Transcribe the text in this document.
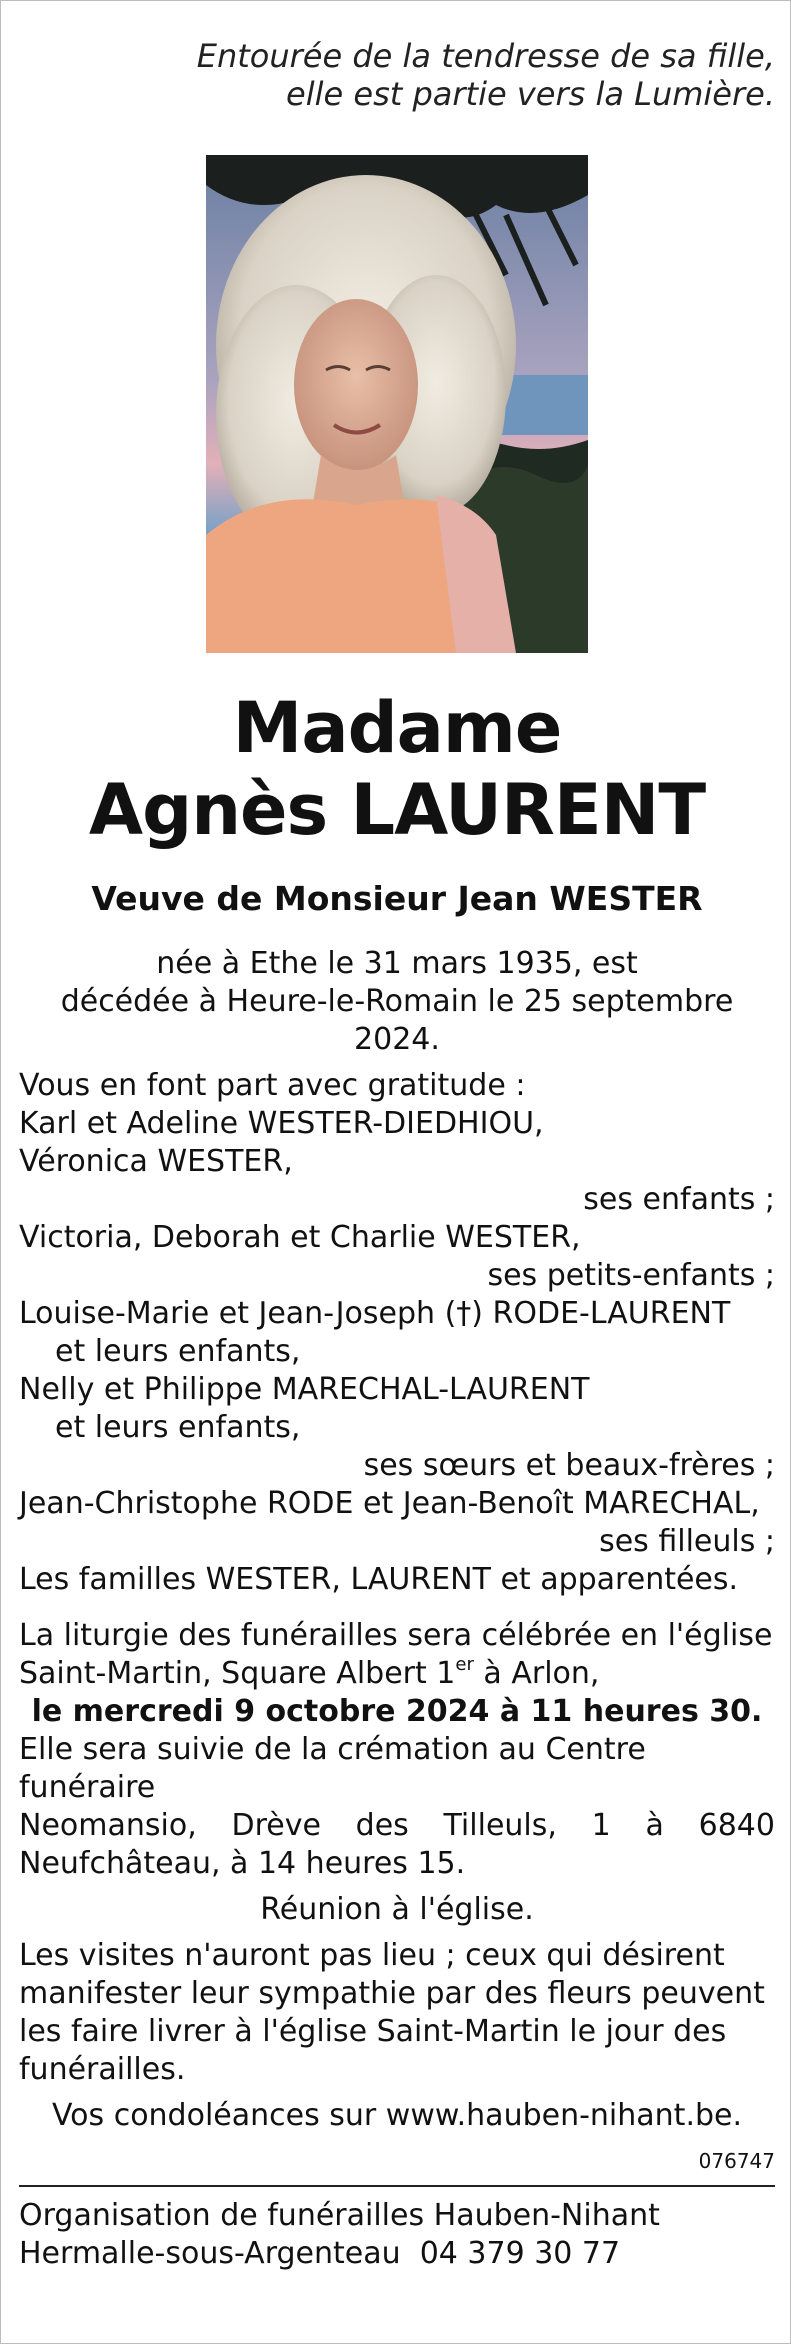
Entourée de la tendresse de sa fille,
elle est partie vers la Lumière.
Madame
Agnès LAURENT
Veuve de Monsieur Jean WESTER
née à Ethe le 31 mars 1935, est
décédée à Heure-le-Romain le 25 septembre 2024.
Vous en font part avec gratitude :
Karl et Adeline WESTER-DIEDHIOU,
Véronica WESTER,
ses enfants ;
Victoria, Deborah et Charlie WESTER,
ses petits-enfants ;
Louise-Marie et Jean-Joseph (†) RODE-LAURENT
et leurs enfants,
Nelly et Philippe MARECHAL-LAURENT
et leurs enfants,
ses sœurs et beaux-frères ;
Jean-Christophe RODE et Jean-Benoît MARECHAL,
ses filleuls ;
Les familles WESTER, LAURENT et apparentées.
La liturgie des funérailles sera célébrée en l'église
Saint-Martin, Square Albert 1er à Arlon,
le mercredi 9 octobre 2024 à 11 heures 30.
Elle sera suivie de la crémation au Centre funéraire
Neomansio, Drève des Tilleuls, 1 à 6840
Neufchâteau, à 14 heures 15.
Réunion à l'église.
Les visites n'auront pas lieu ; ceux qui désirent
manifester leur sympathie par des fleurs peuvent
les faire livrer à l'église Saint-Martin le jour des
funérailles.
Vos condoléances sur www.hauben-nihant.be.
076747
Organisation de funérailles Hauben-Nihant
Hermalle-sous-Argenteau  04 379 30 77
